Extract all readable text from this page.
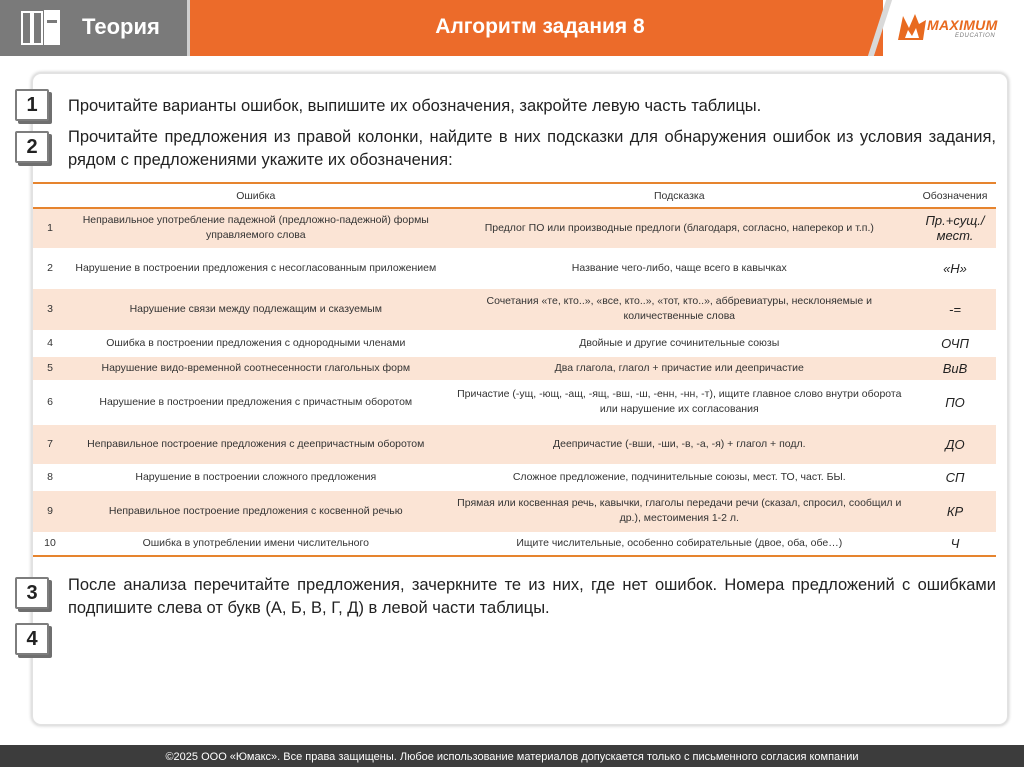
Теория	Алгоритм задания 8	MAXIMUM
EDUCATION
1	Прочитайте варианты ошибок, выпишите их обозначения, закройте левую часть таблицы.
2	Прочитайте предложения из правой колонки, найдите в них подсказки для обнаружения ошибок из условия задания, рядом с предложениями укажите их обозначения:
	Ошибка	Подсказка	Обозначения
1	Неправильное употребление падежной (предложно-падежной) формы управляемого слова	Предлог ПО или производные предлоги (благодаря, согласно, наперекор и т.п.)	Пр.+сущ./ мест.
2	Нарушение в построении предложения с несогласованным приложением	Название чего-либо, чаще всего в кавычках	«Н»
3	Нарушение связи между подлежащим и сказуемым	Сочетания «те, кто..», «все, кто..», «тот, кто..», аббревиатуры, несклоняемые и количественные слова	-=
4	Ошибка в построении предложения с однородными членами	Двойные и другие сочинительные союзы	ОЧП
5	Нарушение видо-временной соотнесенности глагольных форм	Два глагола, глагол + причастие или деепричастие	ВиВ
6	Нарушение в построении предложения с причастным оборотом	Причастие (-ущ, -ющ, -ащ, -ящ, -вш, -ш, -енн, -нн, -т), ищите главное слово внутри оборота или нарушение их согласования	ПО
7	Неправильное построение предложения с деепричастным оборотом	Деепричастие (-вши, -ши, -в, -а, -я) + глагол + подл.	ДО
8	Нарушение в построении сложного предложения	Сложное предложение, подчинительные союзы, мест. ТО, част. БЫ.	СП
9	Неправильное построение предложения с косвенной речью	Прямая или косвенная речь, кавычки, глаголы передачи речи (сказал, спросил, сообщил и др.), местоимения 1-2 л.	КР
10	Ошибка в употреблении имени числительного	Ищите числительные, особенно собирательные (двое, оба, обе…)	Ч
3	После анализа перечитайте предложения, зачеркните те из них, где нет ошибок. Номера предложений с ошибками подпишите слева от букв (А, Б, В, Г, Д) в левой части таблицы.
4
©2025 ООО «Юмакс». Все права защищены. Любое использование материалов допускается только с письменного согласия компании
